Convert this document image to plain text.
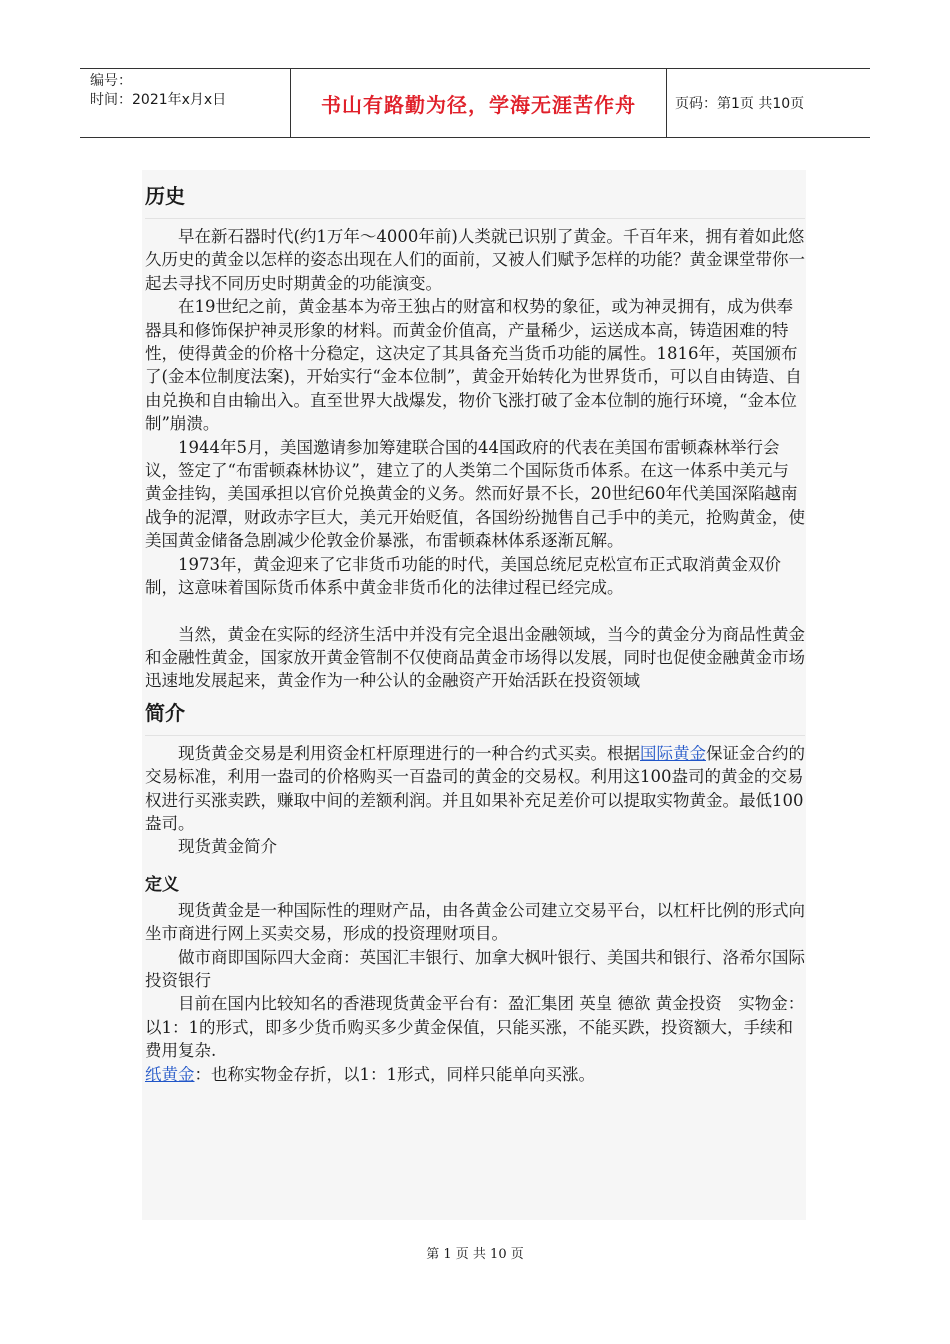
编号：
时间：2021年x月x日	书山有路勤为径，学海无涯苦作舟	页码：第1页 共10页
历史

早在新石器时代(约1万年～4000年前)人类就已识别了黄金。千百年来，拥有着如此悠久历史的黄金以怎样的姿态出现在人们的面前，又被人们赋予怎样的功能？黄金课堂带你一起去寻找不同历史时期黄金的功能演变。

在19世纪之前，黄金基本为帝王独占的财富和权势的象征，或为神灵拥有，成为供奉器具和修饰保护神灵形象的材料。而黄金价值高，产量稀少，运送成本高，铸造困难的特性，使得黄金的价格十分稳定，这决定了其具备充当货币功能的属性。1816年，英国颁布了(金本位制度法案)，开始实行“金本位制”，黄金开始转化为世界货币，可以自由铸造、自由兑换和自由输出入。直至世界大战爆发，物价飞涨打破了金本位制的施行环境，“金本位制”崩溃。

1944年5月，美国邀请参加筹建联合国的44国政府的代表在美国布雷顿森林举行会议，签定了“布雷顿森林协议”，建立了的人类第二个国际货币体系。在这一体系中美元与黄金挂钩，美国承担以官价兑换黄金的义务。然而好景不长，20世纪60年代美国深陷越南战争的泥潭，财政赤字巨大，美元开始贬值，各国纷纷抛售自己手中的美元，抢购黄金，使美国黄金储备急剧减少伦敦金价暴涨，布雷顿森林体系逐渐瓦解。

1973年，黄金迎来了它非货币功能的时代，美国总统尼克松宣布正式取消黄金双价制，这意味着国际货币体系中黄金非货币化的法律过程已经完成。

当然，黄金在实际的经济生活中并没有完全退出金融领域，当今的黄金分为商品性黄金和金融性黄金，国家放开黄金管制不仅使商品黄金市场得以发展，同时也促使金融黄金市场迅速地发展起来，黄金作为一种公认的金融资产开始活跃在投资领域

简介

现货黄金交易是利用资金杠杆原理进行的一种合约式买卖。根据国际黄金保证金合约的交易标准，利用一盎司的价格购买一百盎司的黄金的交易权。利用这100盎司的黄金的交易权进行买涨卖跌，赚取中间的差额利润。并且如果补充足差价可以提取实物黄金。最低100盎司。

现货黄金简介

定义

现货黄金是一种国际性的理财产品，由各黄金公司建立交易平台，以杠杆比例的形式向坐市商进行网上买卖交易，形成的投资理财项目。

做市商即国际四大金商：英国汇丰银行、加拿大枫叶银行、美国共和银行、洛希尔国际投资银行

目前在国内比较知名的香港现货黄金平台有：盈汇集团 英皇 德欲 黄金投资　实物金：以1：1的形式，即多少货币购买多少黄金保值，只能买涨，不能买跌，投资额大，手续和费用复杂.

纸黄金：也称实物金存折，以1：1形式，同样只能单向买涨。

第 1 页 共 10 页
